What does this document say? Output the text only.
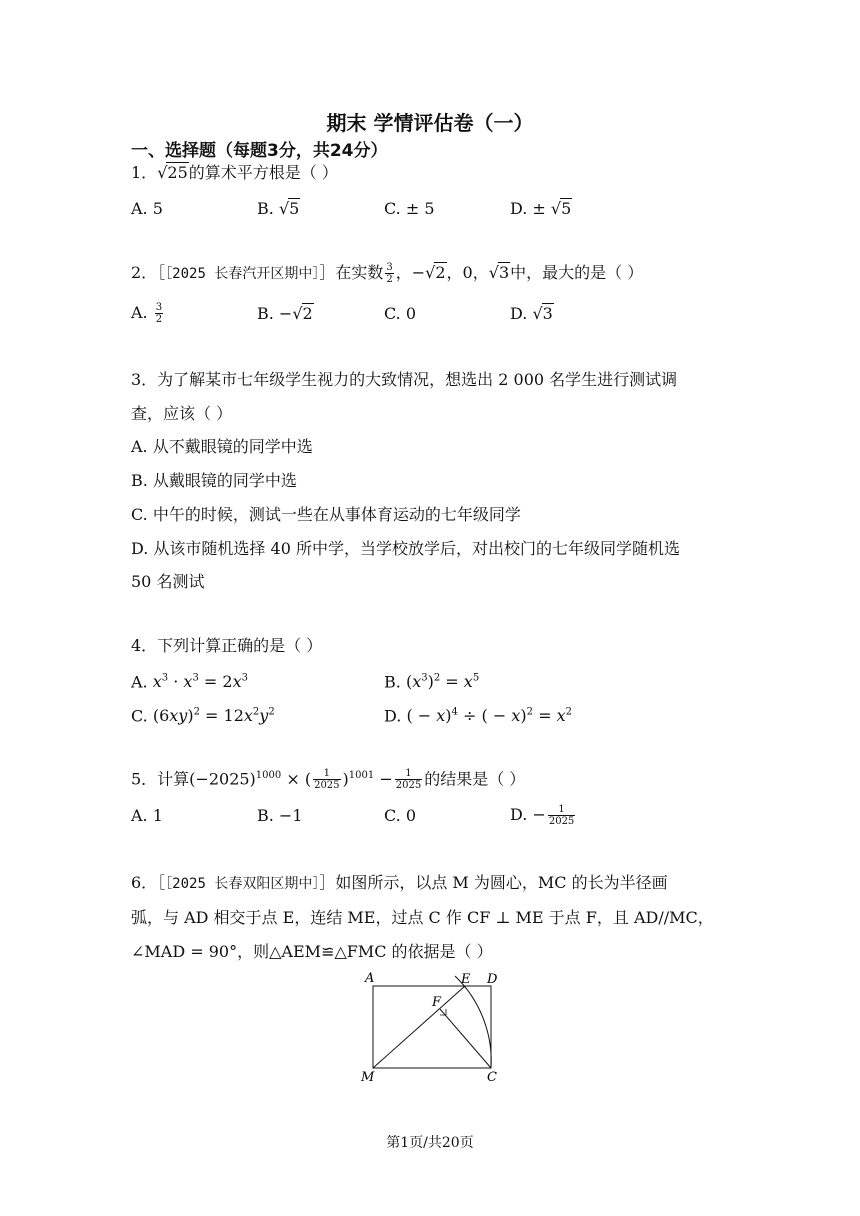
期末 学情评估卷（一）
一、选择题（每题3分，共24分）
1．√25的算术平方根是（ ）
A. 5	B. √5	C. ± 5	D. ± √5
2．［［2025 长春汽开区期中］］在实数 $\frac{3}{2}$ ，−√2，0，√3中，最大的是（ ）
A. $\frac{3}{2}$	B. −√2	C. 0	D. √3
3．为了解某市七年级学生视力的大致情况，想选出 2 000 名学生进行测试调
查，应该（ ）
A. 从不戴眼镜的同学中选
B. 从戴眼镜的同学中选
C. 中午的时候，测试一些在从事体育运动的七年级同学
D. 从该市随机选择 40 所中学，当学校放学后，对出校门的七年级同学随机选
50 名测试
4．下列计算正确的是（ ）
A. $x^3 \cdot x^3 = 2x^3$	B. $(x^3)^2 = x^5$
C. $(6xy)^2 = 12x^2y^2$	D. ( − x)$^4$ ÷ ( − $x)^2 = x^2$
5．计算$(-2025)^{1000}$ × ( $\frac{1}{2025} )^{1001} - \frac{1}{2025}$ 的结果是（ ）
A. 1	B. −1	C. 0	D. − $\frac{1}{2025}$
6．［［2025 长春双阳区期中］］如图所示，以点 M 为圆心，MC 的长为半径画
弧，与 AD 相交于点 E，连结 ME，过点 C 作 CF ⊥ ME 于点 F，且 AD//MC，
∠MAD = 90°，则△AEM≌△FMC 的依据是（ ）
A	E D
F
M	C
第1页/共20页
